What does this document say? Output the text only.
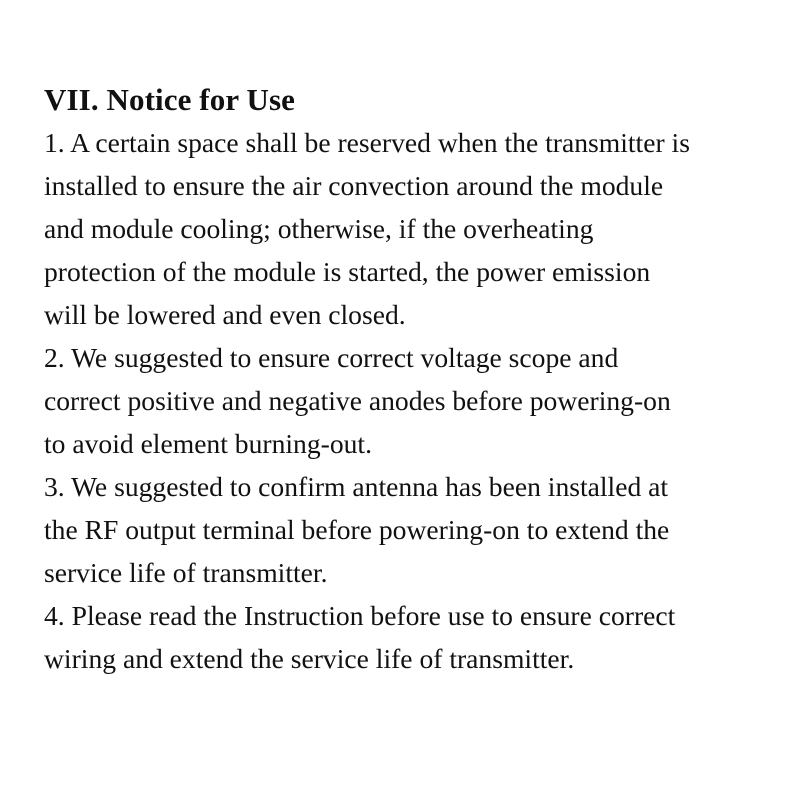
VII. Notice for Use
1. A certain space shall be reserved when the transmitter is
installed to ensure the air convection around the module
and module cooling; otherwise, if the overheating
protection of the module is started, the power emission
will be lowered and even closed.
2. We suggested to ensure correct voltage scope and
correct positive and negative anodes before powering-on
to avoid element burning-out.
3. We suggested to confirm antenna has been installed at
the RF output terminal before powering-on to extend the
service life of transmitter.
4. Please read the Instruction before use to ensure correct
wiring and extend the service life of transmitter.
